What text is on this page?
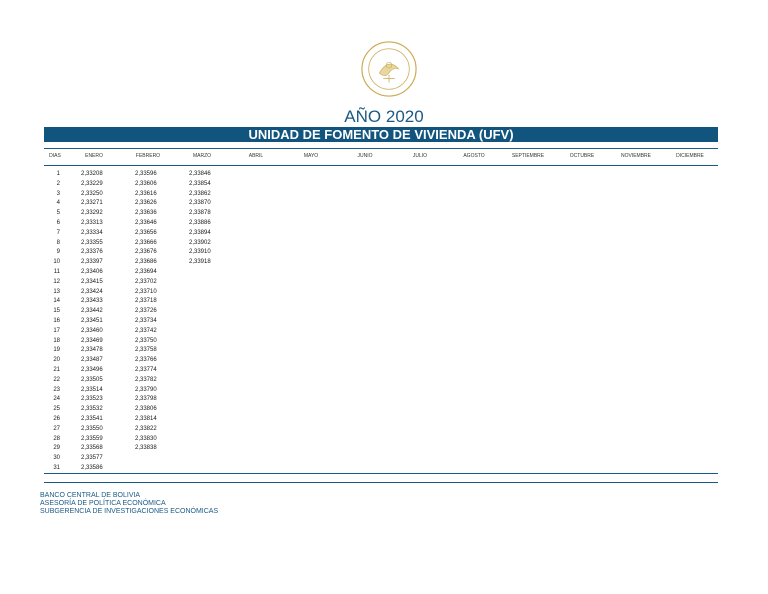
AÑO 2020
UNIDAD DE FOMENTO DE VIVIENDA (UFV)
DIAS	ENERO	FEBRERO	MARZO	ABRIL	MAYO	JUNIO	JULIO	AGOSTO	SEPTIEMBRE	OCTUBRE	NOVIEMBRE	DICIEMBRE
1	2,33208	2,33596	2,33846
2	2,33229	2,33606	2,33854
3	2,33250	2,33616	2,33862
4	2,33271	2,33626	2,33870
5	2,33292	2,33636	2,33878
6	2,33313	2,33646	2,33886
7	2,33334	2,33656	2,33894
8	2,33355	2,33666	2,33902
9	2,33376	2,33676	2,33910
10	2,33397	2,33686	2,33918
11	2,33406	2,33694
12	2,33415	2,33702
13	2,33424	2,33710
14	2,33433	2,33718
15	2,33442	2,33726
16	2,33451	2,33734
17	2,33460	2,33742
18	2,33469	2,33750
19	2,33478	2,33758
20	2,33487	2,33766
21	2,33496	2,33774
22	2,33505	2,33782
23	2,33514	2,33790
24	2,33523	2,33798
25	2,33532	2,33806
26	2,33541	2,33814
27	2,33550	2,33822
28	2,33559	2,33830
29	2,33568	2,33838
30	2,33577
31	2,33586
BANCO CENTRAL DE BOLIVIA
ASESORÍA DE POLÍTICA ECONÓMICA
SUBGERENCIA DE INVESTIGACIONES ECONÓMICAS
